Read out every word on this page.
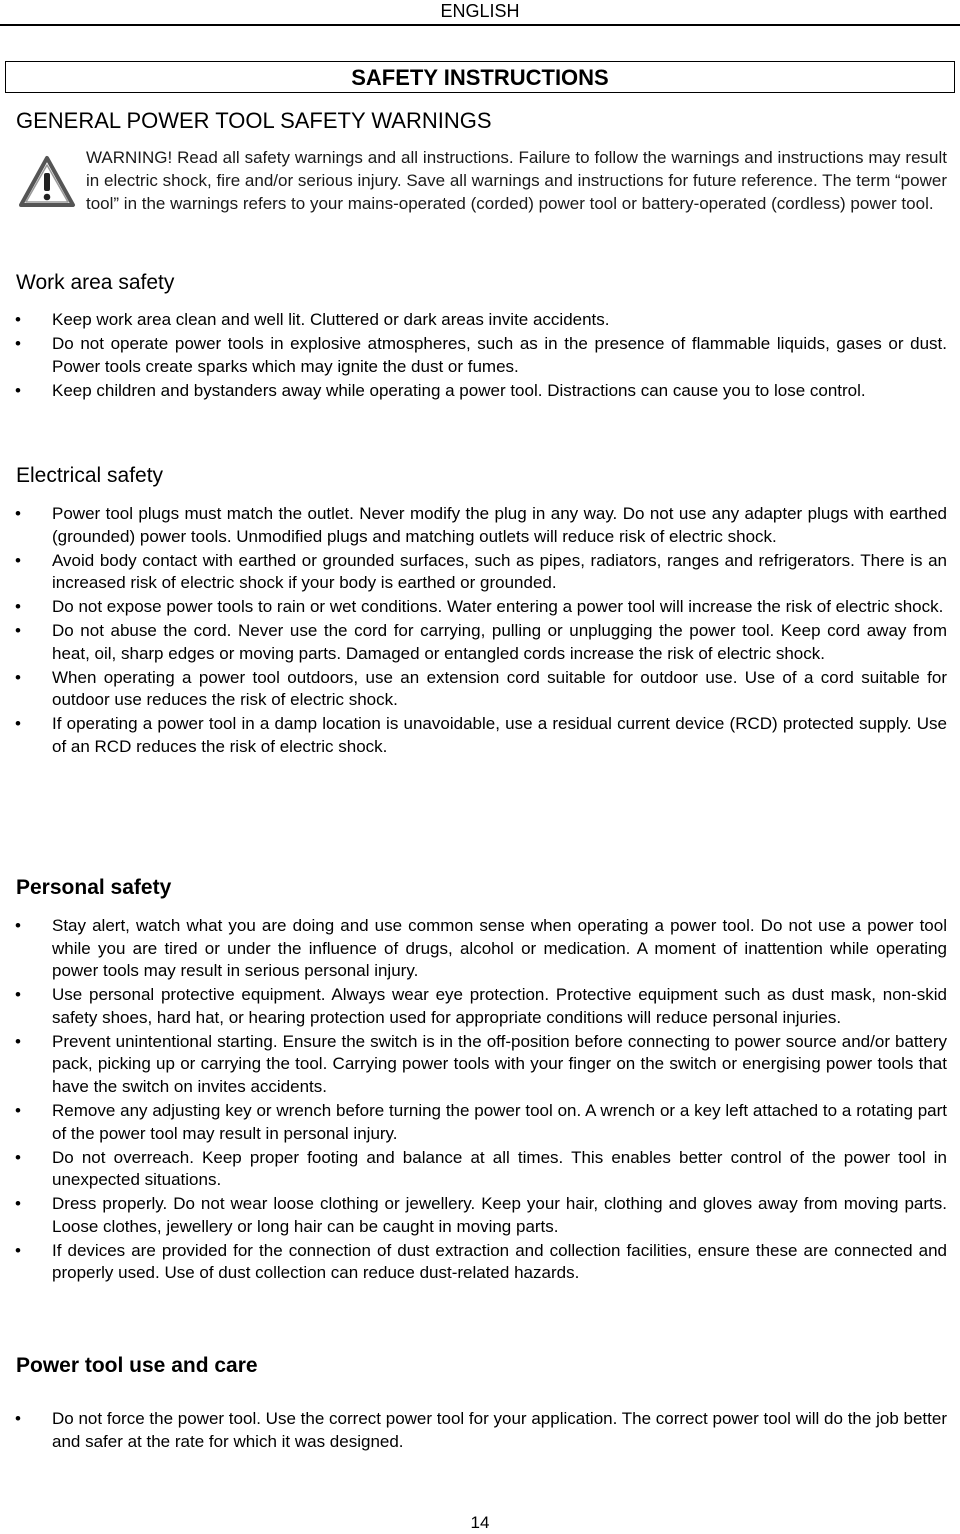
ENGLISH
SAFETY INSTRUCTIONS
GENERAL POWER TOOL SAFETY WARNINGS
WARNING! Read all safety warnings and all instructions. Failure to follow the warnings and instructions may result in electric shock, fire and/or serious injury. Save all warnings and instructions for future reference. The term “power tool” in the warnings refers to your mains-operated (corded) power tool or battery-operated (cordless) power tool.
Work area safety
• Keep work area clean and well lit. Cluttered or dark areas invite accidents.
• Do not operate power tools in explosive atmospheres, such as in the presence of flammable liquids, gases or dust. Power tools create sparks which may ignite the dust or fumes.
• Keep children and bystanders away while operating a power tool. Distractions can cause you to lose control.
Electrical safety
• Power tool plugs must match the outlet. Never modify the plug in any way. Do not use any adapter plugs with earthed (grounded) power tools. Unmodified plugs and matching outlets will reduce risk of electric shock.
• Avoid body contact with earthed or grounded surfaces, such as pipes, radiators, ranges and refrigerators. There is an increased risk of electric shock if your body is earthed or grounded.
• Do not expose power tools to rain or wet conditions. Water entering a power tool will increase the risk of electric shock.
• Do not abuse the cord. Never use the cord for carrying, pulling or unplugging the power tool. Keep cord away from heat, oil, sharp edges or moving parts. Damaged or entangled cords increase the risk of electric shock.
• When operating a power tool outdoors, use an extension cord suitable for outdoor use. Use of a cord suitable for outdoor use reduces the risk of electric shock.
• If operating a power tool in a damp location is unavoidable, use a residual current device (RCD) protected supply. Use of an RCD reduces the risk of electric shock.
Personal safety
• Stay alert, watch what you are doing and use common sense when operating a power tool. Do not use a power tool while you are tired or under the influence of drugs, alcohol or medication. A moment of inattention while operating power tools may result in serious personal injury.
• Use personal protective equipment. Always wear eye protection. Protective equipment such as dust mask, non-skid safety shoes, hard hat, or hearing protection used for appropriate conditions will reduce personal injuries.
• Prevent unintentional starting. Ensure the switch is in the off-position before connecting to power source and/or battery pack, picking up or carrying the tool. Carrying power tools with your finger on the switch or energising power tools that have the switch on invites accidents.
• Remove any adjusting key or wrench before turning the power tool on. A wrench or a key left attached to a rotating part of the power tool may result in personal injury.
• Do not overreach. Keep proper footing and balance at all times. This enables better control of the power tool in unexpected situations.
• Dress properly. Do not wear loose clothing or jewellery. Keep your hair, clothing and gloves away from moving parts. Loose clothes, jewellery or long hair can be caught in moving parts.
• If devices are provided for the connection of dust extraction and collection facilities, ensure these are connected and properly used. Use of dust collection can reduce dust-related hazards.
Power tool use and care
• Do not force the power tool. Use the correct power tool for your application. The correct power tool will do the job better and safer at the rate for which it was designed.
14
